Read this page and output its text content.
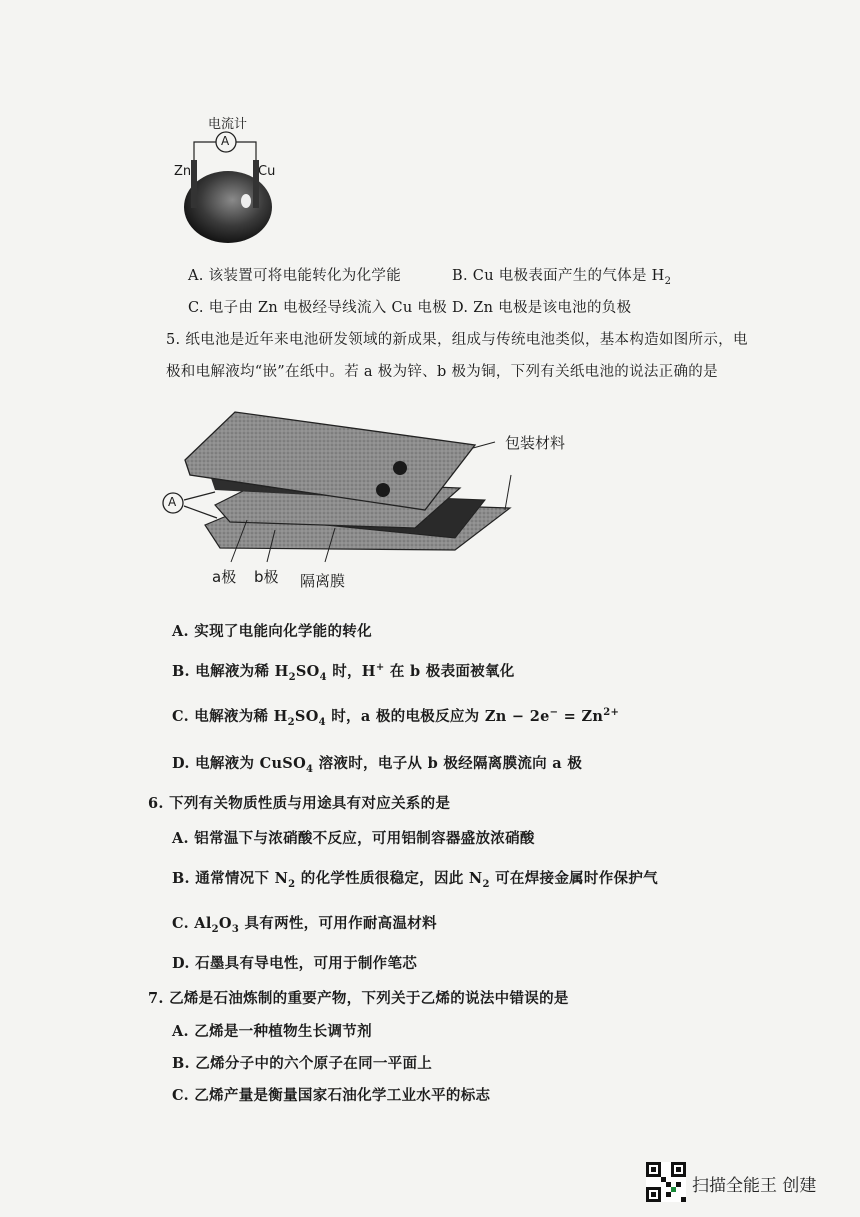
电流计
A
Zn	Cu
A. 该装置可将电能转化为化学能	B. Cu 电极表面产生的气体是 $H_2$
C. 电子由 Zn 电极经导线流入 Cu 电极 D. Zn 电极是该电池的负极
5. 纸电池是近年来电池研发领域的新成果，组成与传统电池类似，基本构造如图所示，电
极和电解液均“嵌”在纸中。若 a 极为锌、b 极为铜，下列有关纸电池的说法正确的是
包装材料
A
a极 b极 隔离膜
A. 实现了电能向化学能的转化
B. 电解液为稀 $H_2SO_4$ 时，H+ 在 b 极表面被氧化
C. 电解液为稀 $H_2SO_4$ 时，a 极的电极反应为 $Zn - 2e^- = Zn^{2+}$
D. 电解液为 CuSO$_4$ 溶液时，电子从 b 极经隔离膜流向 a 极
6. 下列有关物质性质与用途具有对应关系的是
A. 铝常温下与浓硝酸不反应，可用铝制容器盛放浓硝酸
B. 通常情况下 $N_2$ 的化学性质很稳定，因此 $N_2$ 可在焊接金属时作保护气
C. $Al_2O_3$ 具有两性，可用作耐高温材料
D. 石墨具有导电性，可用于制作笔芯
7. 乙烯是石油炼制的重要产物，下列关于乙烯的说法中错误的是
A. 乙烯是一种植物生长调节剂
B. 乙烯分子中的六个原子在同一平面上
C. 乙烯产量是衡量国家石油化学工业水平的标志
扫描全能王 创建
